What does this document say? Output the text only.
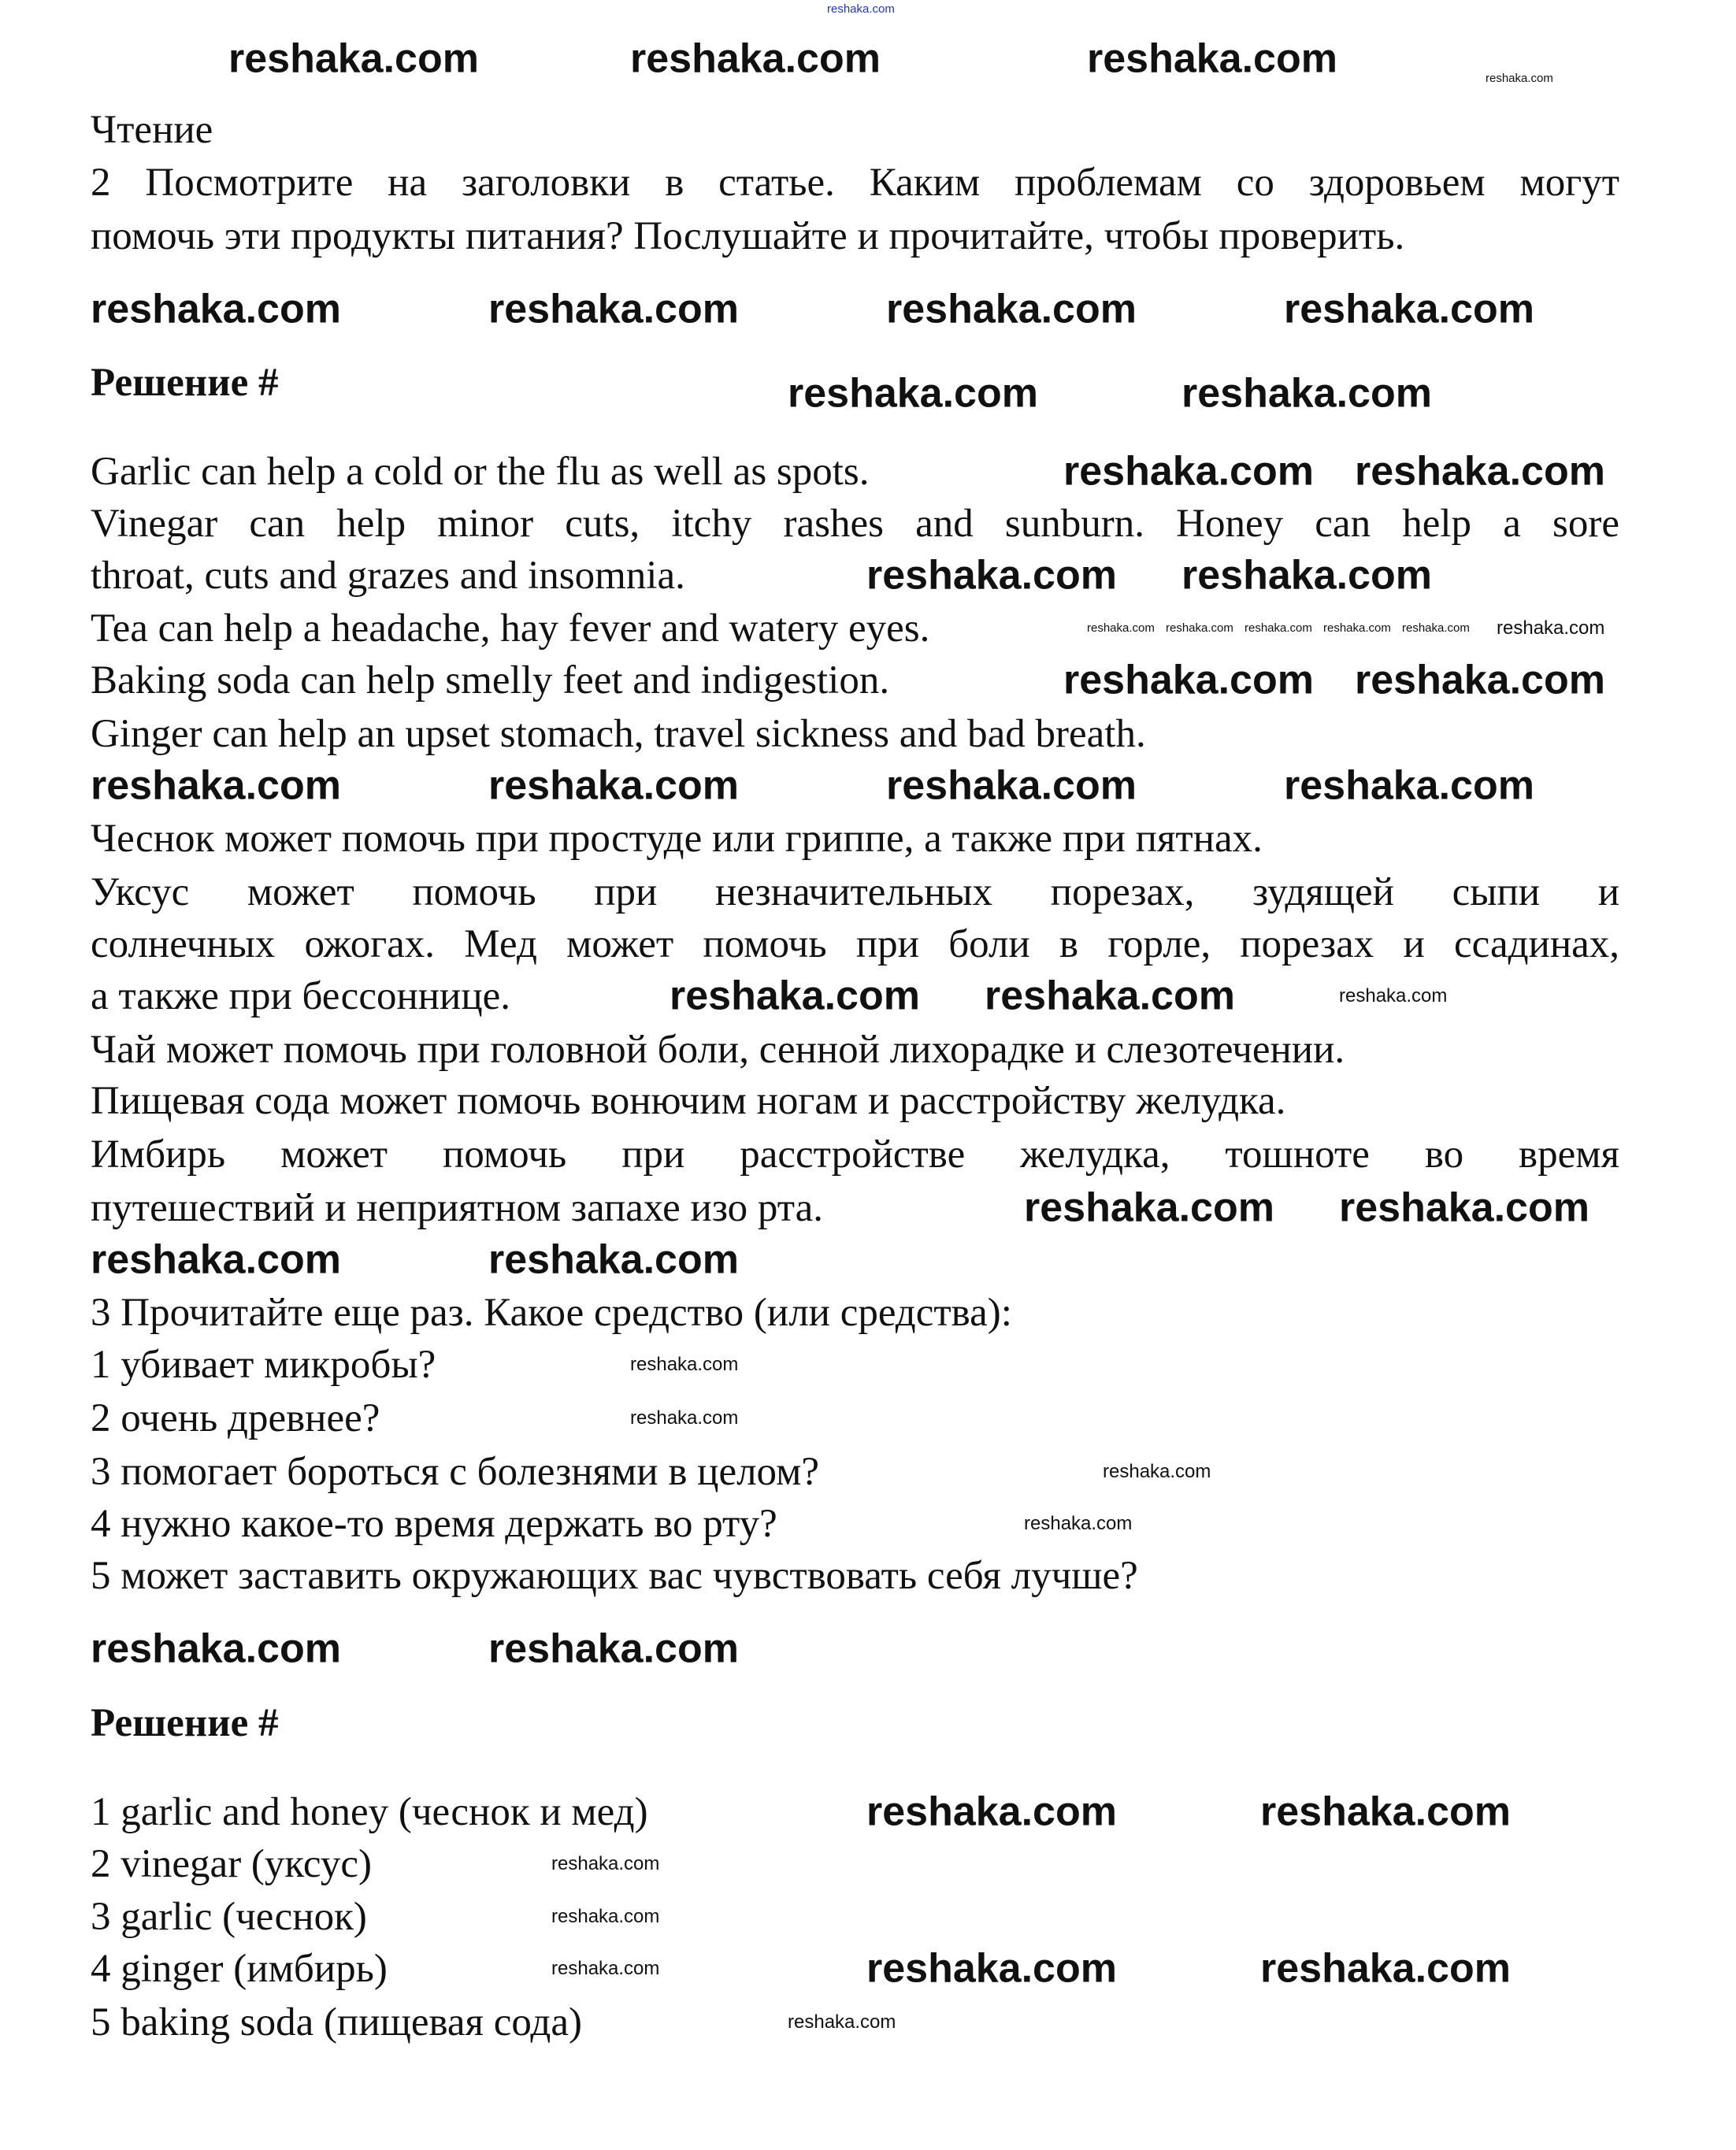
Чтение
2 Посмотрите на заголовки в статье. Каким проблемам со здоровьем могут
помочь эти продукты питания? Послушайте и прочитайте, чтобы проверить.
Решение #
Garlic can help a cold or the flu as well as spots.
Vinegar can help minor cuts, itchy rashes and sunburn. Honey can help a sore
throat, cuts and grazes and insomnia.
Tea can help a headache, hay fever and watery eyes.
Baking soda can help smelly feet and indigestion.
Ginger can help an upset stomach, travel sickness and bad breath.
Чеснок может помочь при простуде или гриппе, а также при пятнах.
Уксус может помочь при незначительных порезах, зудящей сыпи и
солнечных ожогах. Мед может помочь при боли в горле, порезах и ссадинах,
а также при бессоннице.
Чай может помочь при головной боли, сенной лихорадке и слезотечении.
Пищевая сода может помочь вонючим ногам и расстройству желудка.
Имбирь может помочь при расстройстве желудка, тошноте во время
путешествий и неприятном запахе изо рта.
3 Прочитайте еще раз. Какое средство (или средства):
1 убивает микробы?
2 очень древнее?
3 помогает бороться с болезнями в целом?
4 нужно какое-то время держать во рту?
5 может заставить окружающих вас чувствовать себя лучше?
Решение #
1 garlic and honey (чеснок и мед)
2 vinegar (уксус)
3 garlic (чеснок)
4 ginger (имбирь)
5 baking soda (пищевая сода)
reshaka.com
reshaka.com
reshaka.com	reshaka.com	reshaka.com
reshaka.com	reshaka.com	reshaka.com	reshaka.com
reshaka.com	reshaka.com
reshaka.com reshaka.com
reshaka.com reshaka.com
reshaka.com reshaka.com reshaka.com reshaka.com reshaka.com reshaka.com
reshaka.com reshaka.com
reshaka.com	reshaka.com	reshaka.com	reshaka.com
reshaka.com reshaka.com	reshaka.com
reshaka.com reshaka.com
reshaka.com	reshaka.com
reshaka.com
reshaka.com
reshaka.com
reshaka.com
reshaka.com	reshaka.com
reshaka.com	reshaka.com
reshaka.com
reshaka.com
reshaka.com	reshaka.com	reshaka.com
reshaka.com
